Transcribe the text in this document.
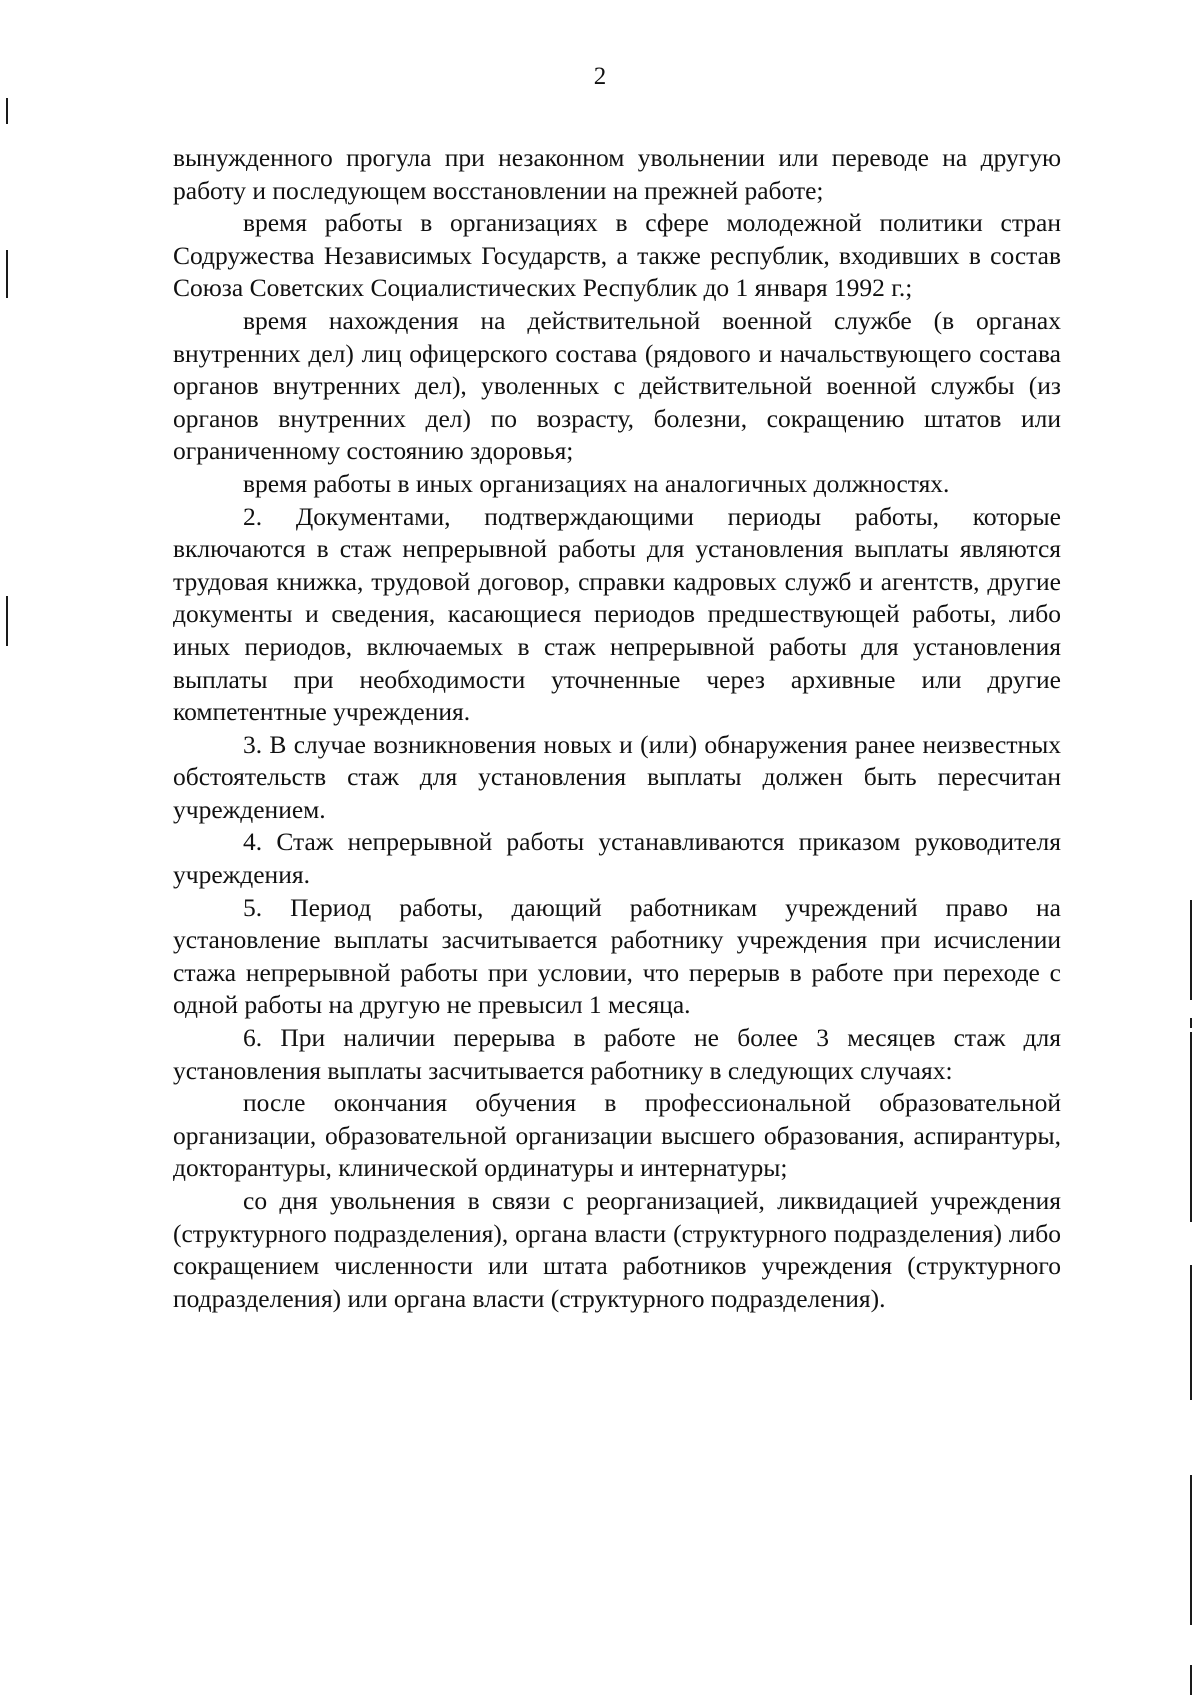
2

вынужденного прогула при незаконном увольнении или переводе на другую работу и последующем восстановлении на прежней работе;

время работы в организациях в сфере молодежной политики стран Содружества Независимых Государств, а также республик, входивших в состав Союза Советских Социалистических Республик до 1 января 1992 г.;

время нахождения на действительной военной службе (в органах внутренних дел) лиц офицерского состава (рядового и начальствующего состава органов внутренних дел), уволенных с действительной военной службы (из органов внутренних дел) по возрасту, болезни, сокращению штатов или ограниченному состоянию здоровья;

время работы в иных организациях на аналогичных должностях.

2. Документами, подтверждающими периоды работы, которые включаются в стаж непрерывной работы для установления выплаты являются трудовая книжка, трудовой договор, справки кадровых служб и агентств, другие документы и сведения, касающиеся периодов предшествующей работы, либо иных периодов, включаемых в стаж непрерывной работы для установления выплаты при необходимости уточненные через архивные или другие компетентные учреждения.

3. В случае возникновения новых и (или) обнаружения ранее неизвестных обстоятельств стаж для установления выплаты должен быть пересчитан учреждением.

4. Стаж непрерывной работы устанавливаются приказом руководителя учреждения.

5. Период работы, дающий работникам учреждений право на установление выплаты засчитывается работнику учреждения при исчислении стажа непрерывной работы при условии, что перерыв в работе при переходе с одной работы на другую не превысил 1 месяца.

6. При наличии перерыва в работе не более 3 месяцев стаж для установления выплаты засчитывается работнику в следующих случаях:

после окончания обучения в профессиональной образовательной организации, образовательной организации высшего образования, аспирантуры, докторантуры, клинической ординатуры и интернатуры;

со дня увольнения в связи с реорганизацией, ликвидацией учреждения (структурного подразделения), органа власти (структурного подразделения) либо сокращением численности или штата работников учреждения (структурного подразделения) или органа власти (структурного подразделения).
